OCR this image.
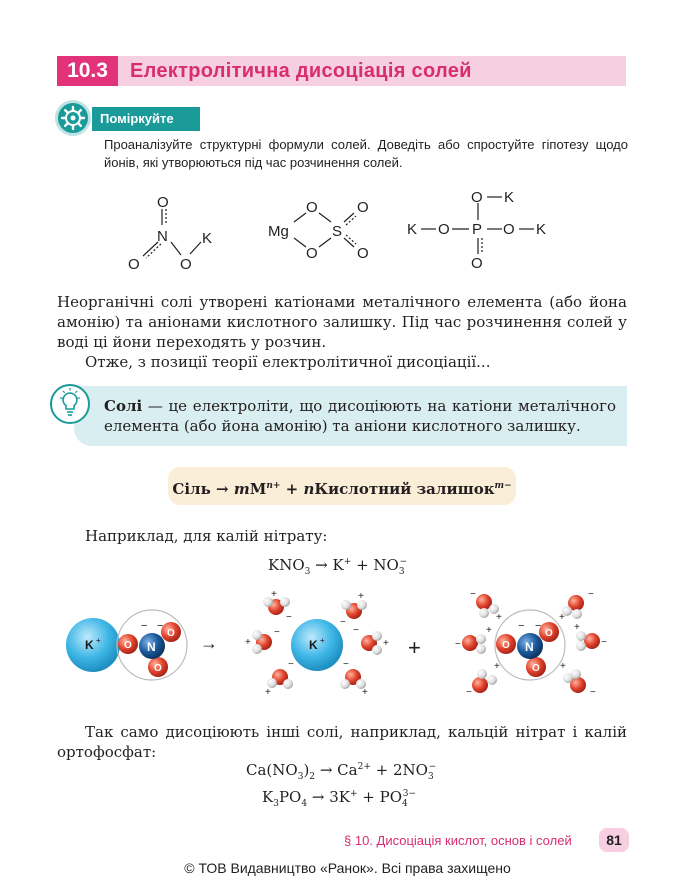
10.3	Електролітична дисоціація солей
Поміркуйте
Проаналізуйте структурні формули солей. Доведіть або спростуйте гіпотезу щодо йонів, які утворюються під час розчинення солей.
O
N
O	O
K	Mg
O
O
S
O
O
O K
K O P O K
O
Неорганічні солі утворені катіонами металічного елемента (або йона амонію) та аніонами кислотного залишку. Під час розчинення солей у воді ці йони переходять у розчин.
Отже, з позиції теорії електролітичної дисоціації...
Солі — це електроліти, що дисоціюють на катіони металічного елемента (або йона амонію) та аніони кислотного залишку.
Сіль → $mM^{n+}$ + nКислотний залишок$^{m-}$
Наприклад, для калій нітрату:
$KNO_3 \to K^+ + NO_3^-$
K + O
O
O
N
− −
→	K +
+
−
+
−
+
−
+
−
+
−
+
−
+	O
O
O
N
− −
−
+
−
+
−
+
−
+
−
+
−
+
Так само дисоціюють інші солі, наприклад, кальцій нітрат і калій ортофосфат:
$Ca(NO_3)_2 \to Ca^{2+} + 2NO_3^-$
$K_3PO_4 \to 3K^+ + PO_4^{3-}$
§ 10. Дисоціація кислот, основ і солей	81
© ТОВ Видавництво «Ранок». Всі права захищено
